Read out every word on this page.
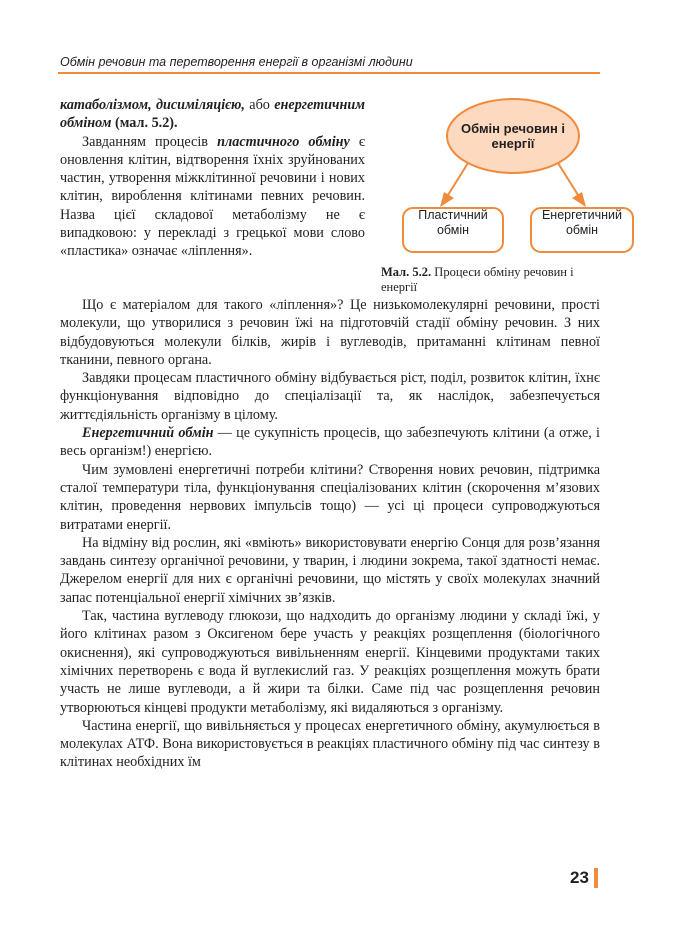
Обмін речовин та перетворення енергії в організмі людини

катаболізмом, дисиміляцією, або енергетичним обміном (мал. 5.2).

Завданням процесів пластичного обміну є оновлення клітин, відтворення їхніх зруйнованих частин, утворення міжклітинної речовини і нових клітин, вироблення клітинами певних речовин. Назва цієї складової метаболізму не є випадковою: у перекладі з грецької мови слово «пластика» означає «ліплення».

Обмін речовин і енергії
Пластичний обмін
Енергетичний обмін
Мал. 5.2. Процеси обміну речовин і енергії

Що є матеріалом для такого «ліплення»? Це низькомолекулярні речовини, прості молекули, що утворилися з речовин їжі на підготовчій стадії обміну речовин. З них відбудовуються молекули білків, жирів і вуглеводів, притаманні клітинам певної тканини, певного органа.

Завдяки процесам пластичного обміну відбувається ріст, поділ, розвиток клітин, їхнє функціонування відповідно до спеціалізації та, як наслідок, забезпечується життєдіяльність організму в цілому.

Енергетичний обмін — це сукупність процесів, що забезпечують клітини (а отже, і весь організм!) енергією.

Чим зумовлені енергетичні потреби клітини? Створення нових речовин, підтримка сталої температури тіла, функціонування спеціалізованих клітин (скорочення м’язових клітин, проведення нервових імпульсів тощо) — усі ці процеси супроводжуються витратами енергії.

На відміну від рослин, які «вміють» використовувати енергію Сонця для розв’язання завдань синтезу органічної речовини, у тварин, і людини зокрема, такої здатності немає. Джерелом енергії для них є органічні речовини, що містять у своїх молекулах значний запас потенціальної енергії хімічних зв’язків.

Так, частина вуглеводу глюкози, що надходить до організму людини у складі їжі, у його клітинах разом з Оксигеном бере участь у реакціях розщеплення (біологічного окиснення), які супроводжуються вивільненням енергії. Кінцевими продуктами таких хімічних перетворень є вода й вуглекислий газ. У реакціях розщеплення можуть брати участь не лише вуглеводи, а й жири та білки. Саме під час розщеплення речовин утворюються кінцеві продукти метаболізму, які видаляються з організму.

Частина енергії, що вивільняється у процесах енергетичного обміну, акумулюється в молекулах АТФ. Вона використовується в реакціях пластичного обміну під час синтезу в клітинах необхідних їм

23
